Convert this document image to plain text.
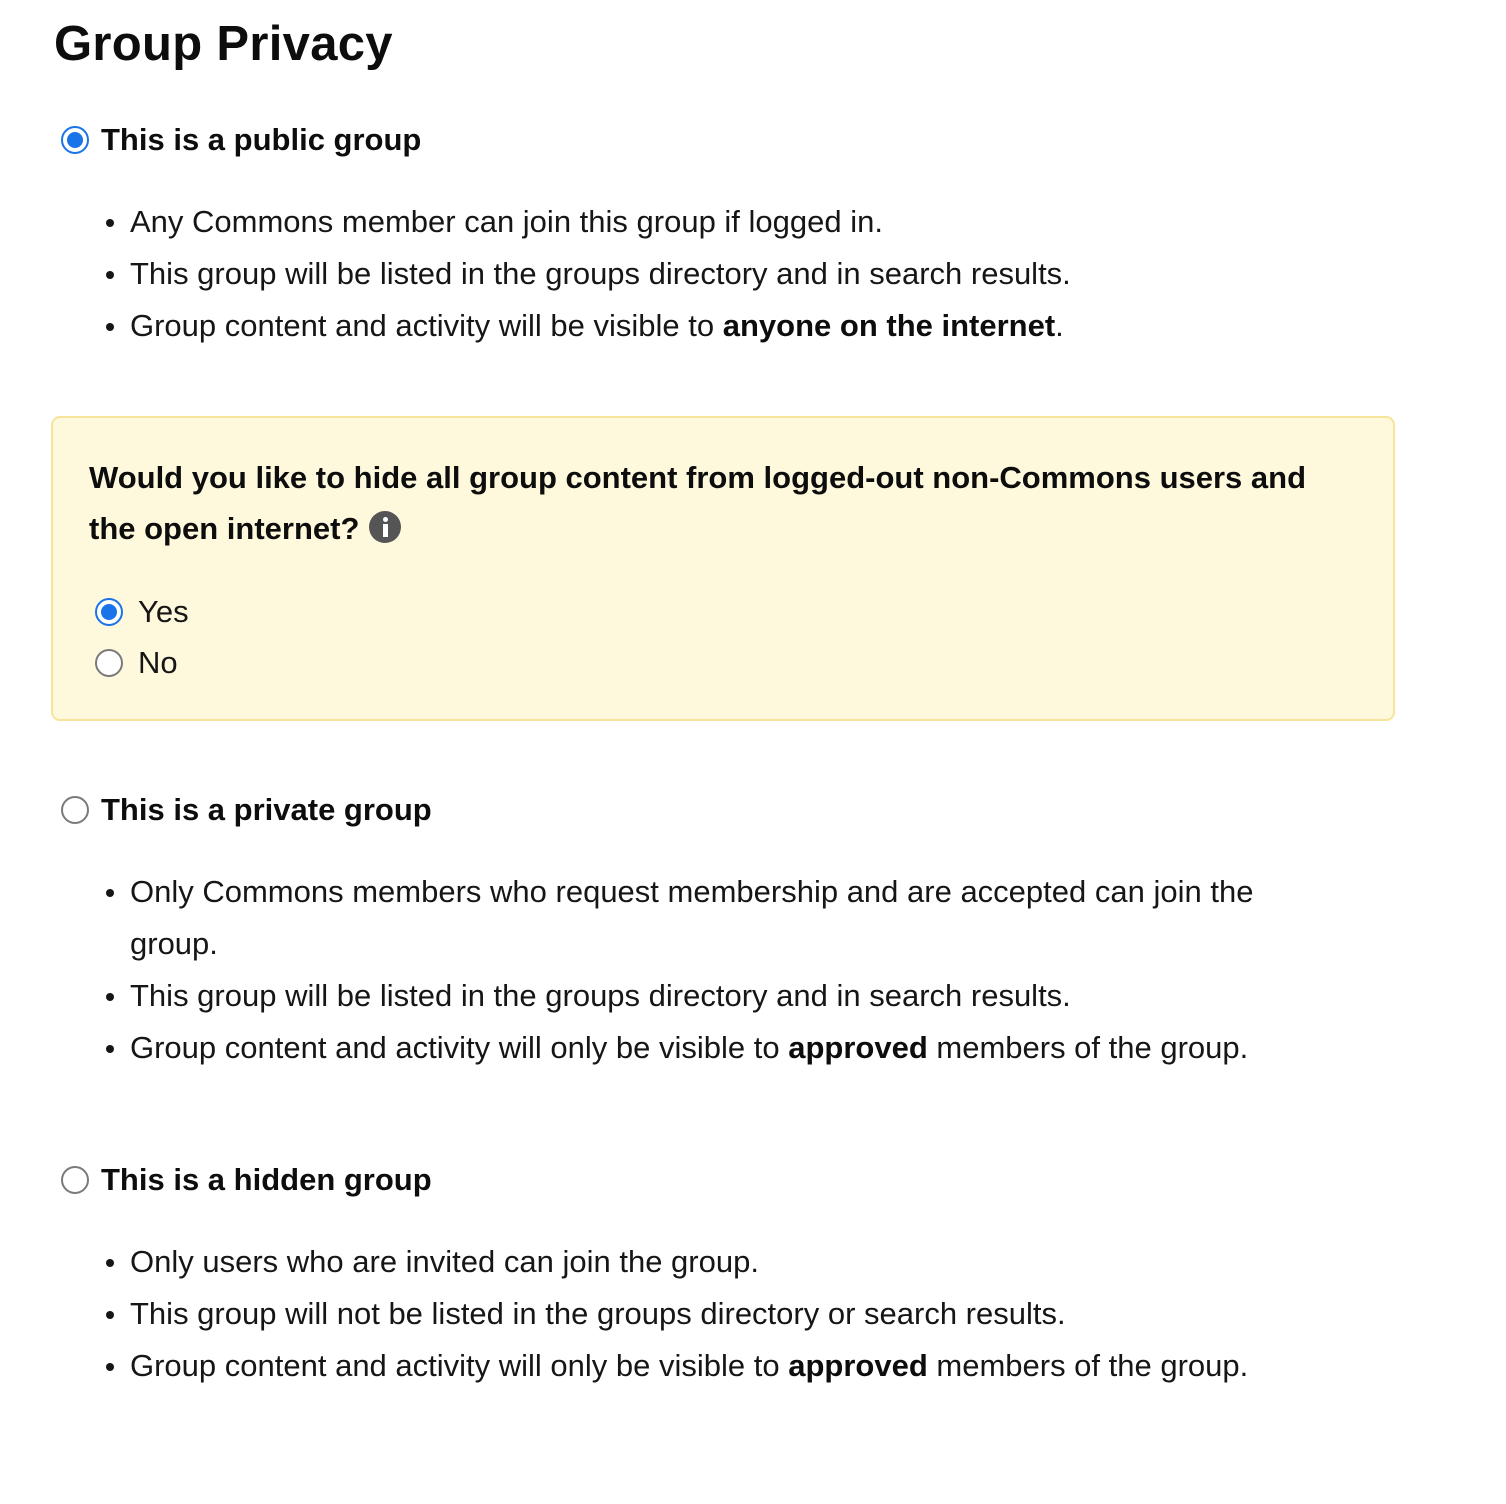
Group Privacy
This is a public group
Any Commons member can join this group if logged in.
This group will be listed in the groups directory and in search results.
Group content and activity will be visible to anyone on the internet.
Would you like to hide all group content from logged-out non-Commons users and the open internet?
Yes
No
This is a private group
Only Commons members who request membership and are accepted can join the group.
This group will be listed in the groups directory and in search results.
Group content and activity will only be visible to approved members of the group.
This is a hidden group
Only users who are invited can join the group.
This group will not be listed in the groups directory or search results.
Group content and activity will only be visible to approved members of the group.
